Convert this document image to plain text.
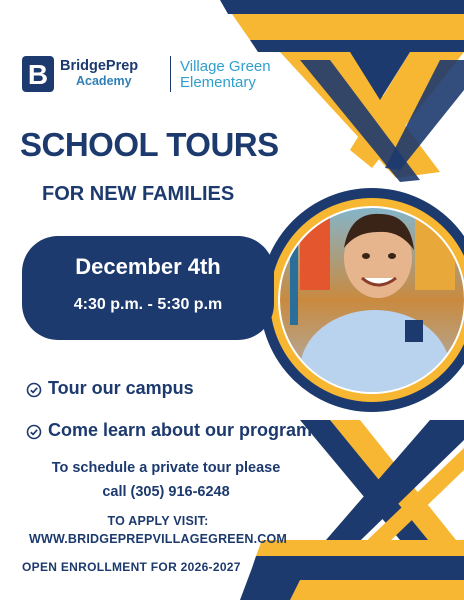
B BridgePrep
Academy
Village Green
Elementary
SCHOOL TOURS
FOR NEW FAMILIES
December 4th
4:30 p.m. - 5:30 p.m
Tour our campus
Come learn about our programs
To schedule a private tour please
call (305) 916-6248
TO APPLY VISIT:
WWW.BRIDGEPREPVILLAGEGREEN.COM
OPEN ENROLLMENT FOR 2026-2027
